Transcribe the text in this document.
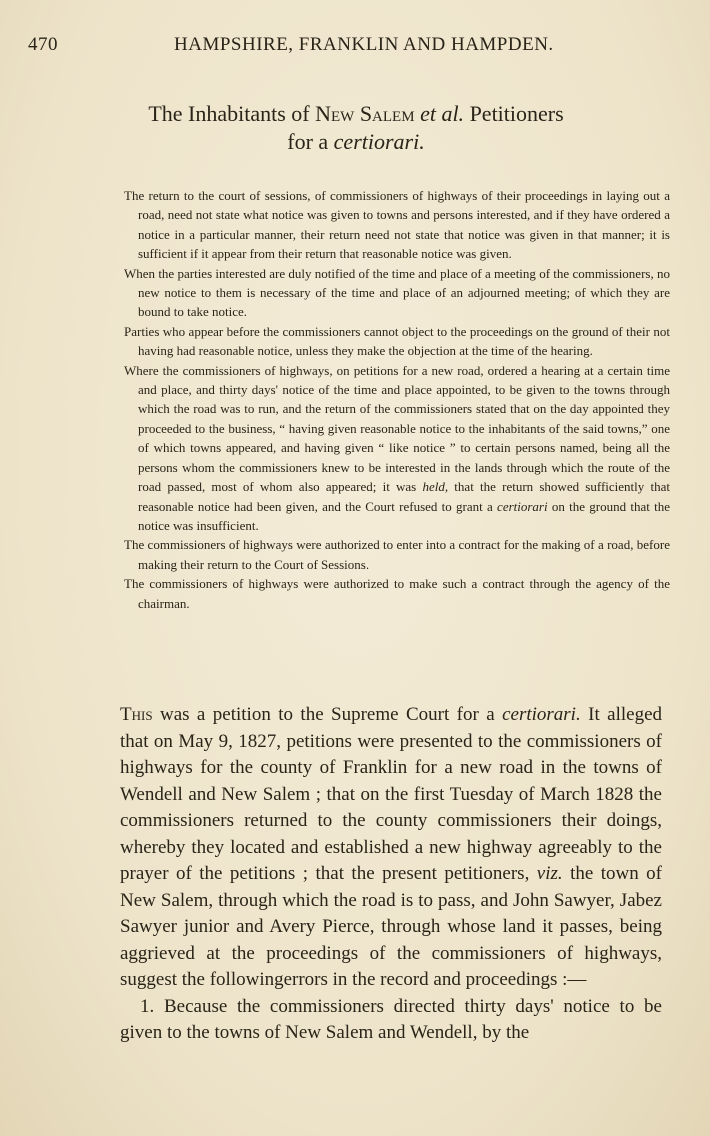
470	HAMPSHIRE, FRANKLIN AND HAMPDEN.
The Inhabitants of New Salem et al. Petitioners
for a certiorari.

The return to the court of sessions, of commissioners of highways of their proceedings in laying out a road, need not state what notice was given to towns and persons interested, and if they have ordered a notice in a particular manner, their return need not state that notice was given in that manner; it is sufficient if it appear from their return that reasonable notice was given.

When the parties interested are duly notified of the time and place of a meeting of the commissioners, no new notice to them is necessary of the time and place of an adjourned meeting; of which they are bound to take notice.

Parties who appear before the commissioners cannot object to the proceedings on the ground of their not having had reasonable notice, unless they make the objection at the time of the hearing.

Where the commissioners of highways, on petitions for a new road, ordered a hearing at a certain time and place, and thirty days' notice of the time and place appointed, to be given to the towns through which the road was to run, and the return of the commissioners stated that on the day appointed they proceeded to the business, “ having given reasonable notice to the inhabitants of the said towns,” one of which towns appeared, and having given “ like notice ” to certain persons named, being all the persons whom the commissioners knew to be interested in the lands through which the route of the road passed, most of whom also appeared; it was held, that the return showed sufficiently that reasonable notice had been given, and the Court refused to grant a certiorari on the ground that the notice was insufficient.

The commissioners of highways were authorized to enter into a contract for the making of a road, before making their return to the Court of Sessions.

The commissioners of highways were authorized to make such a contract through the agency of the chairman.

This was a petition to the Supreme Court for a certiorari. It alleged that on May 9, 1827, petitions were presented to the commissioners of highways for the county of Franklin for a new road in the towns of Wendell and New Salem ; that on the first Tuesday of March 1828 the commissioners returned to the county commissioners their doings, whereby they located and established a new highway agreeably to the prayer of the petitions ; that the present petitioners, viz. the town of New Salem, through which the road is to pass, and John Sawyer, Jabez Sawyer junior and Avery Pierce, through whose land it passes, being aggrieved at the proceedings of the commissioners of highways, suggest the followingerrors in the record and proceedings :—

1. Because the commissioners directed thirty days' notice to be given to the towns of New Salem and Wendell, by the
